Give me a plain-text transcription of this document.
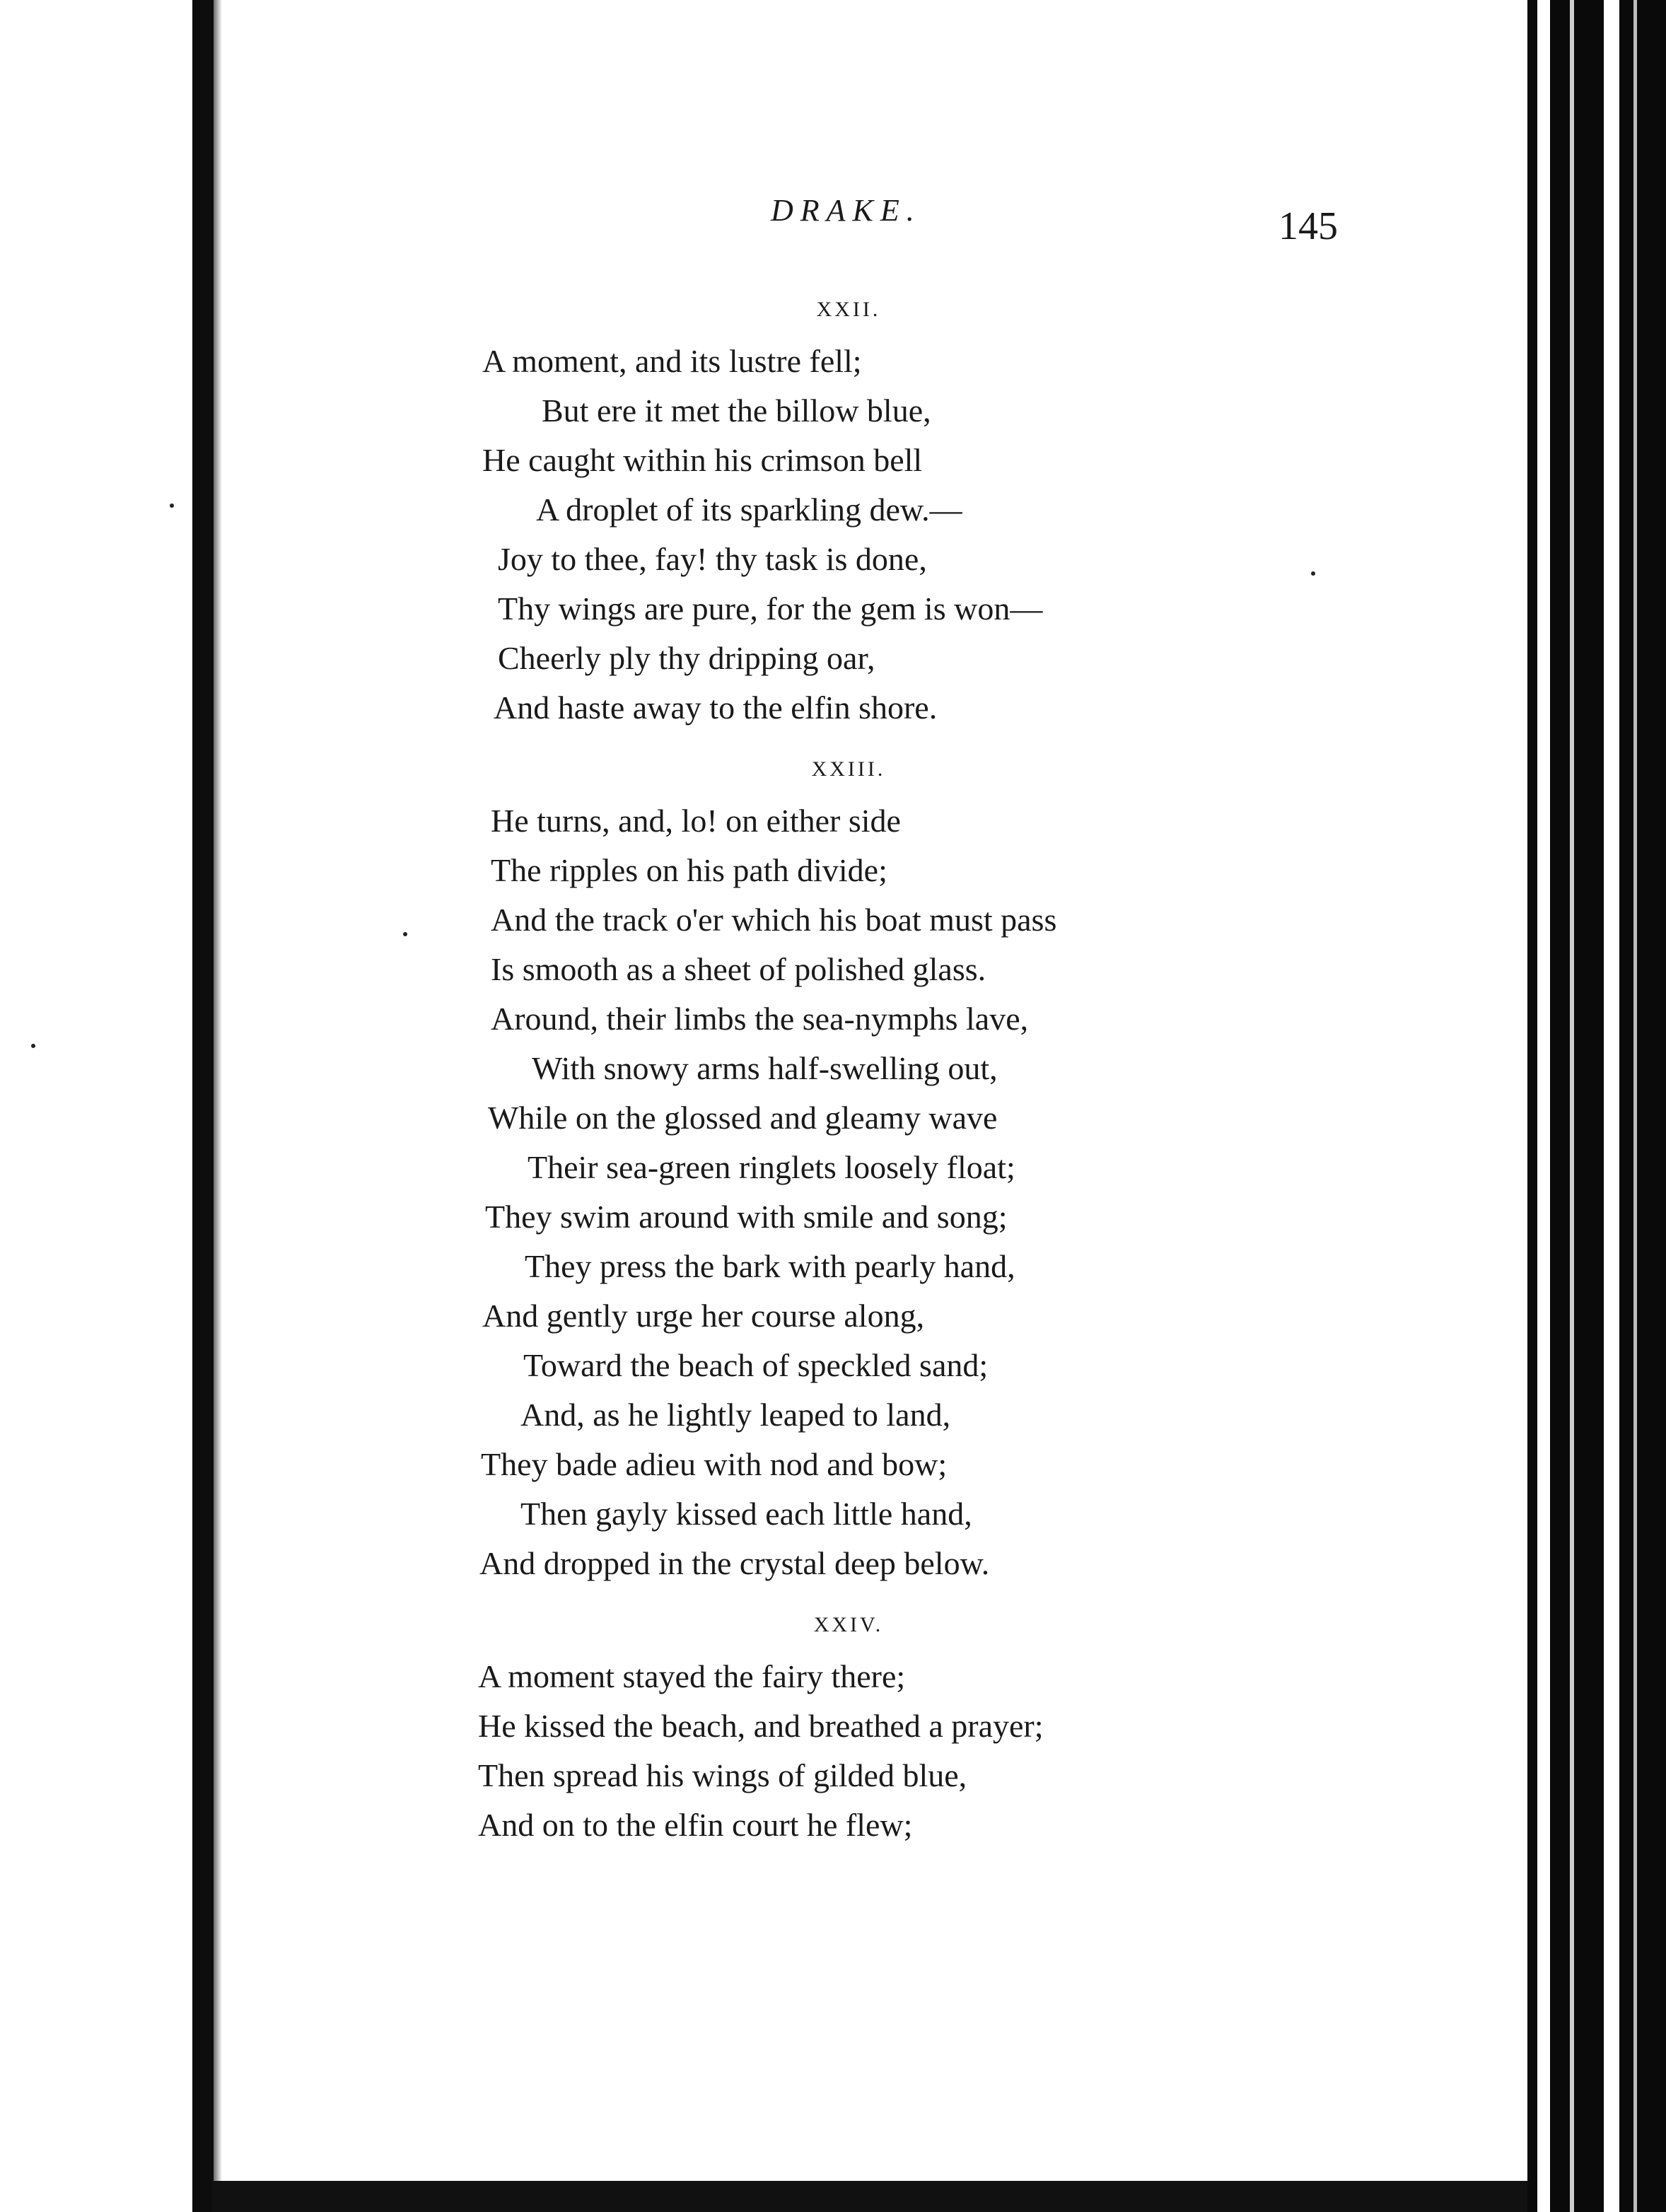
DRAKE.	145
XXII.
A moment, and its lustre fell;
But ere it met the billow blue,
He caught within his crimson bell
A droplet of its sparkling dew.—
Joy to thee, fay! thy task is done,
Thy wings are pure, for the gem is won—
Cheerly ply thy dripping oar,
And haste away to the elfin shore.
XXIII.
He turns, and, lo! on either side
The ripples on his path divide;
And the track o'er which his boat must pass
Is smooth as a sheet of polished glass.
Around, their limbs the sea-nymphs lave,
With snowy arms half-swelling out,
While on the glossed and gleamy wave
Their sea-green ringlets loosely float;
They swim around with smile and song;
They press the bark with pearly hand,
And gently urge her course along,
Toward the beach of speckled sand;
And, as he lightly leaped to land,
They bade adieu with nod and bow;
Then gayly kissed each little hand,
And dropped in the crystal deep below.
XXIV.
A moment stayed the fairy there;
He kissed the beach, and breathed a prayer;
Then spread his wings of gilded blue,
And on to the elfin court he flew;
